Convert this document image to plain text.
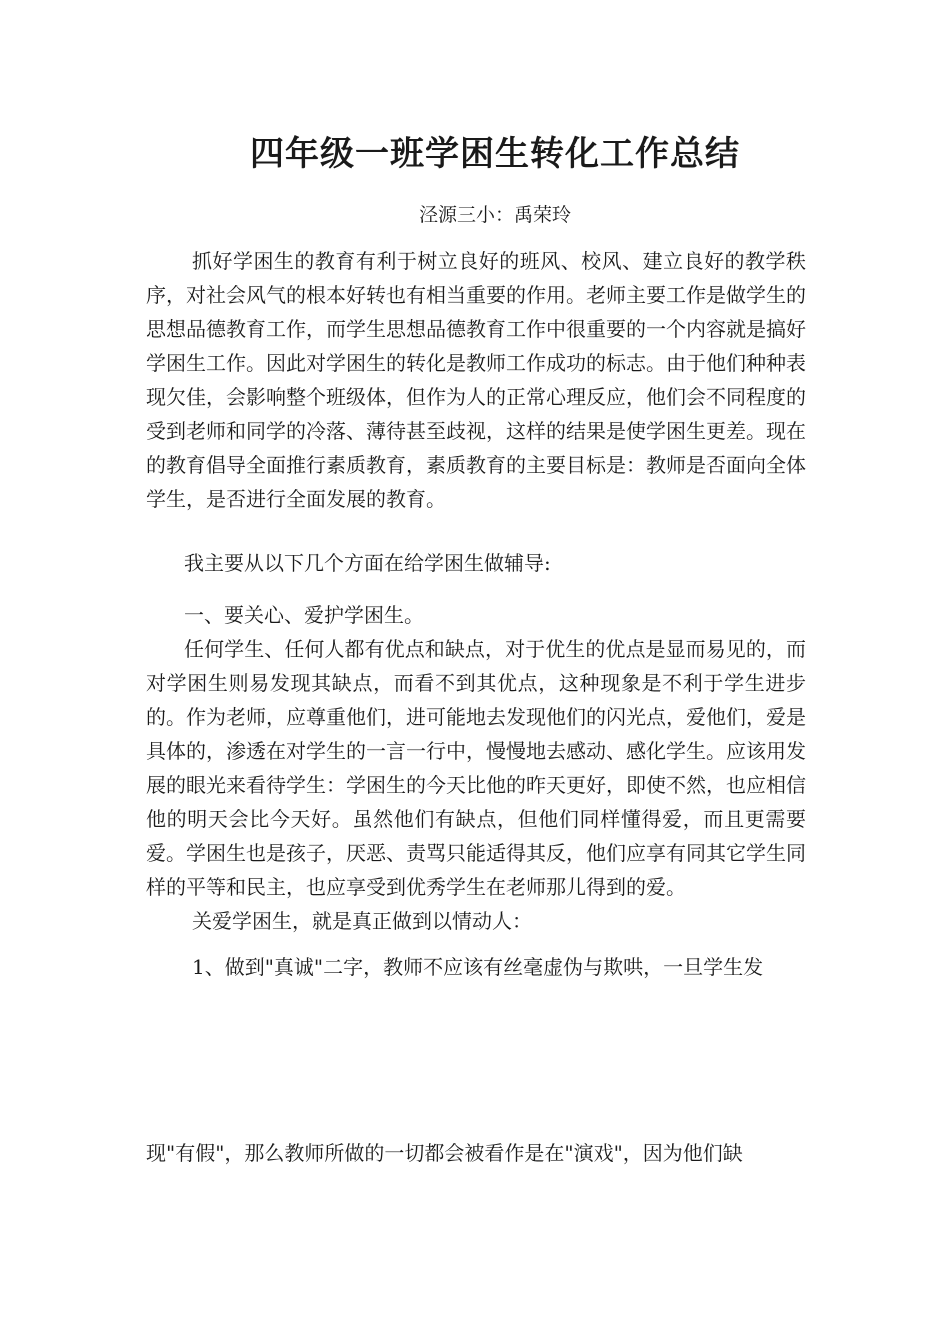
四年级一班学困生转化工作总结

泾源三小：禹荣玲

抓好学困生的教育有利于树立良好的班风、校风、建立良好的教学秩序，对社会风气的根本好转也有相当重要的作用。老师主要工作是做学生的思想品德教育工作，而学生思想品德教育工作中很重要的一个内容就是搞好学困生工作。因此对学困生的转化是教师工作成功的标志。由于他们种种表现欠佳，会影响整个班级体，但作为人的正常心理反应，他们会不同程度的受到老师和同学的冷落、薄待甚至歧视，这样的结果是使学困生更差。现在的教育倡导全面推行素质教育，素质教育的主要目标是：教师是否面向全体学生，是否进行全面发展的教育。

我主要从以下几个方面在给学困生做辅导:

一、要关心、爱护学困生。

任何学生、任何人都有优点和缺点，对于优生的优点是显而易见的，而对学困生则易发现其缺点，而看不到其优点，这种现象是不利于学生进步的。作为老师，应尊重他们，进可能地去发现他们的闪光点，爱他们，爱是具体的，渗透在对学生的一言一行中，慢慢地去感动、感化学生。应该用发展的眼光来看待学生：学困生的今天比他的昨天更好，即使不然，也应相信他的明天会比今天好。虽然他们有缺点，但他们同样懂得爱，而且更需要爱。学困生也是孩子，厌恶、责骂只能适得其反，他们应享有同其它学生同样的平等和民主，也应享受到优秀学生在老师那儿得到的爱。

关爱学困生，就是真正做到以情动人：

1、做到"真诚"二字，教师不应该有丝毫虚伪与欺哄，一旦学生发

现"有假"，那么教师所做的一切都会被看作是在"演戏"，因为他们缺
